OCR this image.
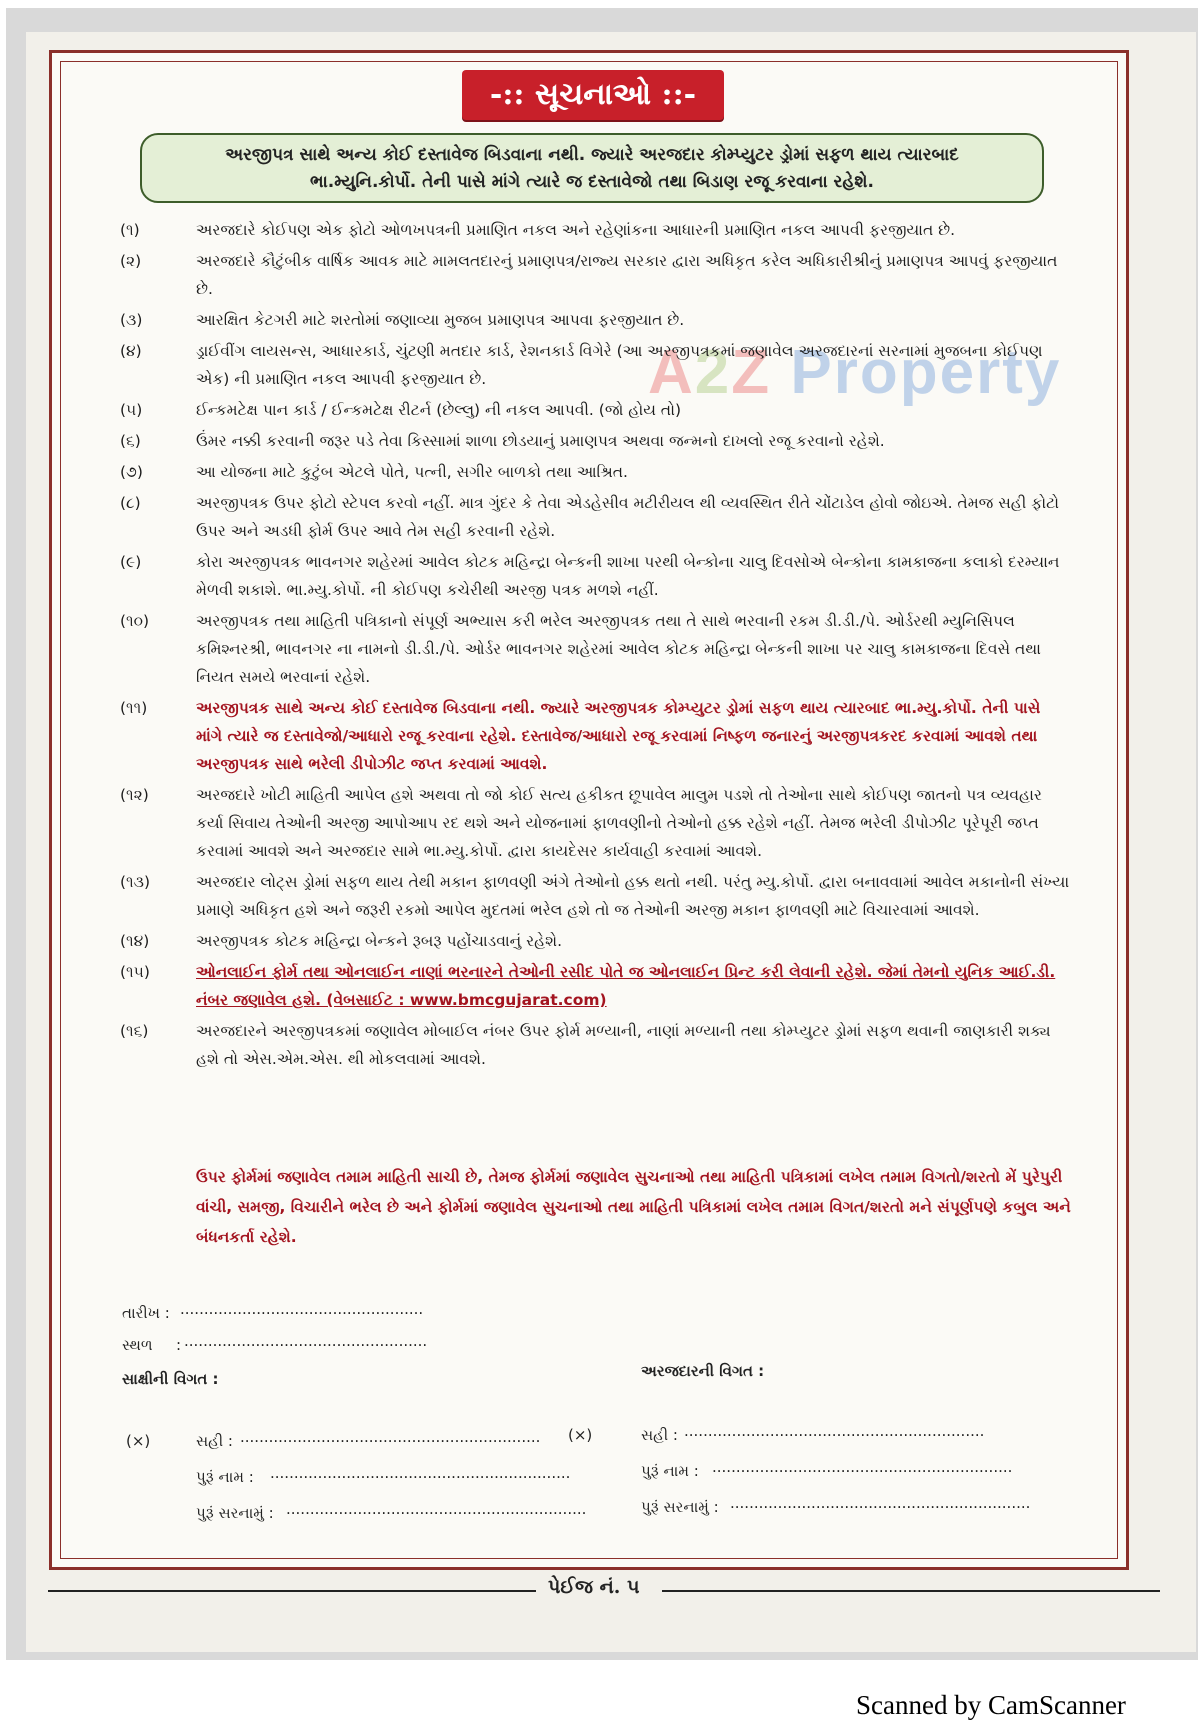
A2Z Property
-:: સૂચનાઓ ::-
અરજીપત્ર સાથે અન્ય કોઈ દસ્તાવેજ બિડવાના નથી. જ્યારે અરજદાર કોમ્પ્યુટર ડ્રોમાં સફળ થાય ત્યારબાદ
ભા.મ્યુનિ.કોર્પો. તેની પાસે માંગે ત્યારે જ દસ્તાવેજો તથા બિડાણ રજૂ કરવાના રહેશે.
(૧)	અરજદારે કોઈપણ એક ફોટો ઓળખપત્રની પ્રમાણિત નકલ અને રહેણાંકના આધારની પ્રમાણિત નકલ આપવી ફરજીયાત છે.
(૨)	અરજદારે કૌટુંબીક વાર્ષિક આવક માટે મામલતદારનું પ્રમાણપત્ર/રાજ્ય સરકાર દ્વારા અધિકૃત કરેલ અધિકારીશ્રીનું પ્રમાણપત્ર આપવું ફરજીયાત છે.
(૩)	આરક્ષિત કેટગરી માટે શરતોમાં જણાવ્યા મુજબ પ્રમાણપત્ર આપવા ફરજીયાત છે.
(૪)	ડ્રાઈવીંગ લાયસન્સ, આધારકાર્ડ, ચુંટણી મતદાર કાર્ડ, રેશનકાર્ડ વિગેરે (આ અરજીપત્રકમાં જણાવેલ અરજદારનાં સરનામાં મુજબના કોઈપણ એક) ની પ્રમાણિત નકલ આપવી ફરજીયાત છે.
(૫)	ઈન્કમટેક્ષ પાન કાર્ડ / ઈન્કમટેક્ષ રીટર્ન (છેલ્લુ) ની નકલ આપવી. (જો હોય તો)
(૬)	ઉંમર નક્કી કરવાની જરૂર પડે તેવા કિસ્સામાં શાળા છોડયાનું પ્રમાણપત્ર અથવા જન્મનો દાખલો રજૂ કરવાનો રહેશે.
(૭)	આ યોજના માટે કુટુંબ એટલે પોતે, પત્ની, સગીર બાળકો તથા આશ્રિત.
(૮)	અરજીપત્રક ઉપર ફોટો સ્ટેપલ કરવો નહીં. માત્ર ગુંદર કે તેવા એડહેસીવ મટીરીયલ થી વ્યવસ્થિત રીતે ચોંટાડેલ હોવો જોઇએ. તેમજ સહી ફોટો ઉપર અને અડધી ફોર્મ ઉપર આવે તેમ સહી કરવાની રહેશે.
(૯)	કોરા અરજીપત્રક ભાવનગર શહેરમાં આવેલ કોટક મહિન્દ્રા બેન્કની શાખા પરથી બેન્કોના ચાલુ દિવસોએ બેન્કોના કામકાજના કલાકો દરમ્યાન મેળવી શકાશે. ભા.મ્યુ.કોર્પો. ની કોઈપણ કચેરીથી અરજી પત્રક મળશે નહીં.
(૧૦)	અરજીપત્રક તથા માહિતી પત્રિકાનો સંપૂર્ણ અભ્યાસ કરી ભરેલ અરજીપત્રક તથા તે સાથે ભરવાની રકમ ડી.ડી./પે. ઓર્ડરથી મ્યુનિસિપલ કમિશ્નરશ્રી, ભાવનગર ના નામનો ડી.ડી./પે. ઓર્ડર ભાવનગર શહેરમાં આવેલ કોટક મહિન્દ્રા બેન્કની શાખા પર ચાલુ કામકાજના દિવસે તથા નિયત સમયે ભરવાનાં રહેશે.
(૧૧)	અરજીપત્રક સાથે અન્ય કોઈ દસ્તાવેજ બિડવાના નથી. જ્યારે અરજીપત્રક કોમ્પ્યુટર ડ્રોમાં સફળ થાય ત્યારબાદ ભા.મ્યુ.કોર્પો. તેની પાસે માંગે ત્યારે જ દસ્તાવેજો/આધારો રજૂ કરવાના રહેશે. દસ્તાવેજ/આધારો રજૂ કરવામાં નિષ્ફળ જનારનું અરજીપત્રકરદ કરવામાં આવશે તથા અરજીપત્રક સાથે ભરેલી ડીપોઝીટ જપ્ત કરવામાં આવશે.
(૧૨)	અરજદારે ખોટી માહિતી આપેલ હશે અથવા તો જો કોઈ સત્ય હકીકત છૂપાવેલ માલુમ પડશે તો તેઓના સાથે કોઈપણ જાતનો પત્ર વ્યવહાર કર્યા સિવાય તેઓની અરજી આપોઆપ રદ થશે અને યોજનામાં ફાળવણીનો તેઓનો હક્ક રહેશે નહીં. તેમજ ભરેલી ડીપોઝીટ પૂરેપૂરી જપ્ત કરવામાં આવશે અને અરજદાર સામે ભા.મ્યુ.કોર્પો. દ્વારા કાયદેસર કાર્યવાહી કરવામાં આવશે.
(૧૩)	અરજદાર લોટ્સ ડ્રોમાં સફળ થાય તેથી મકાન ફાળવણી અંગે તેઓનો હક્ક થતો નથી. પરંતુ મ્યુ.કોર્પો. દ્વારા બનાવવામાં આવેલ મકાનોની સંખ્યા પ્રમાણે અધિકૃત હશે અને જરૂરી રકમો આપેલ મુદતમાં ભરેલ હશે તો જ તેઓની અરજી મકાન ફાળવણી માટે વિચારવામાં આવશે.
(૧૪)	અરજીપત્રક કોટક મહિન્દ્રા બેન્કને રૂબરૂ પહોંચાડવાનું રહેશે.
(૧૫)	ઓનલાઈન ફોર્મ તથા ઓનલાઈન નાણાં ભરનારને તેઓની રસીદ પોતે જ ઓનલાઈન પ્રિન્ટ કરી લેવાની રહેશે. જેમાં તેમનો યુનિક આઈ.ડી. નંબર જણાવેલ હશે. (વેબસાઈટ : www.bmcgujarat.com)
(૧૬)	અરજદારને અરજીપત્રકમાં જણાવેલ મોબાઈલ નંબર ઉપર ફોર્મ મળ્યાની, નાણાં મળ્યાની તથા કોમ્પ્યુટર ડ્રોમાં સફળ થવાની જાણકારી શક્ય હશે તો એસ.એમ.એસ. થી મોકલવામાં આવશે.
ઉપર ફોર્મમાં જણાવેલ તમામ માહિતી સાચી છે, તેમજ ફોર્મમાં જણાવેલ સુચનાઓ તથા માહિતી પત્રિકામાં લખેલ તમામ વિગતો/શરતો મેં પુરેપુરી વાંચી, સમજી, વિચારીને ભરેલ છે અને ફોર્મમાં જણાવેલ સુચનાઓ તથા માહિતી પત્રિકામાં લખેલ તમામ વિગત/શરતો મને સંપૂર્ણપણે કબુલ અને બંધનકર્તા રહેશે.
તારીખ : ...................................................
સ્થળ : ...................................................
સાક્ષીની વિગત :	અરજદારની વિગત :
(×)	સહી : ...............................................................
પુરૂં નામ : ...............................................................
પુરૂં સરનામું : ...............................................................
(×)	સહી : ...............................................................
પુરૂં નામ : ...............................................................
પુરૂં સરનામું : ...............................................................
પેઈજ નં. ૫
Scanned by CamScanner
